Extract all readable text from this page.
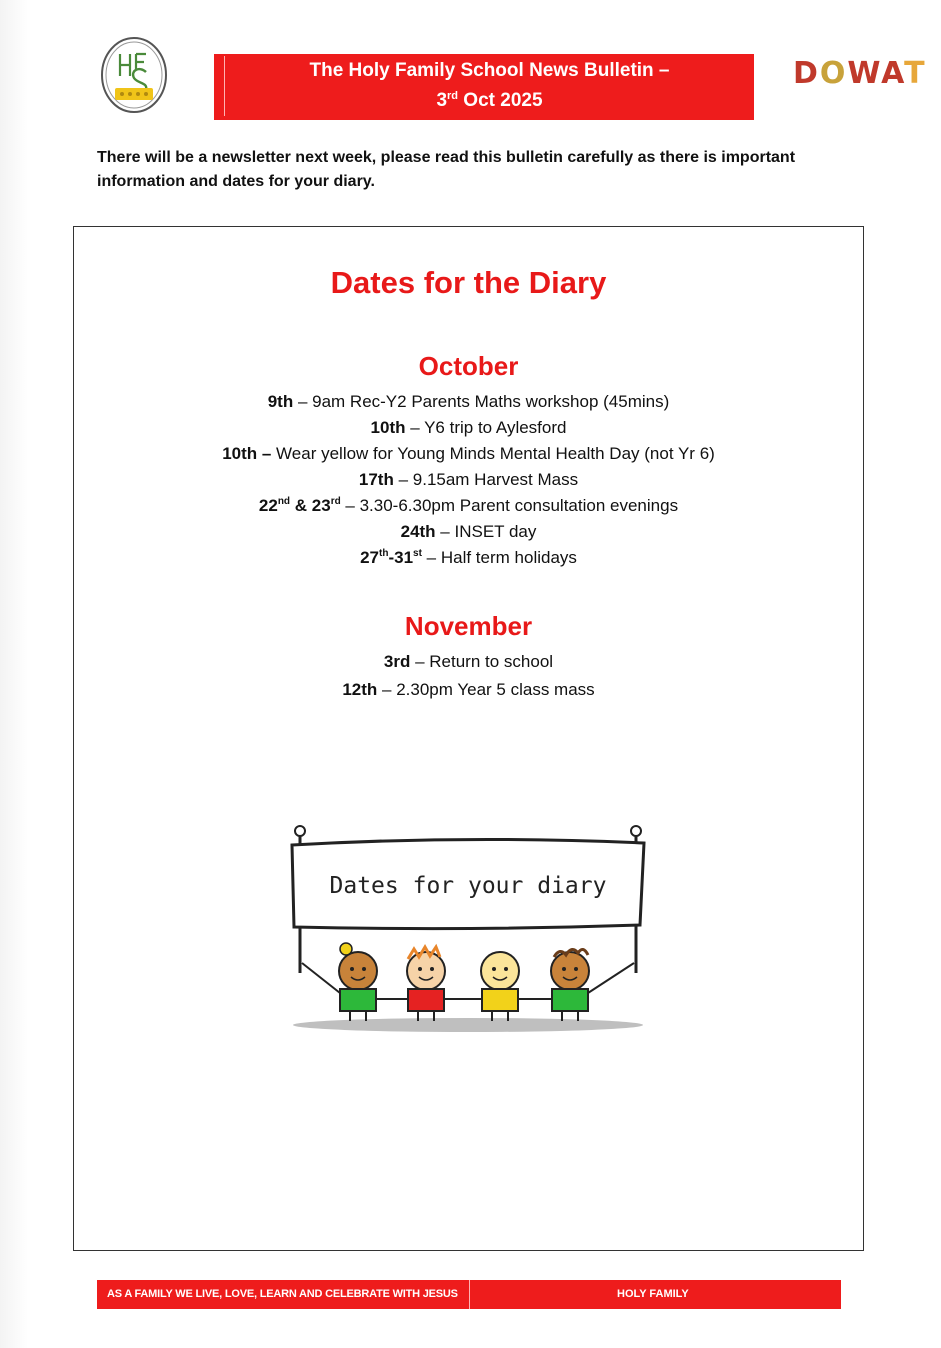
The Holy Family School News Bulletin –
3rd Oct 2025
DOWAT
There will be a newsletter next week, please read this bulletin carefully as there is important information and dates for your diary.
Dates for the Diary
October
9th – 9am Rec-Y2 Parents Maths workshop (45mins)
10th – Y6 trip to Aylesford
10th – Wear yellow for Young Minds Mental Health Day (not Yr 6)
17th – 9.15am Harvest Mass
22nd & 23rd – 3.30-6.30pm Parent consultation evenings
24th – INSET day
27th-31st – Half term holidays
November
3rd – Return to school
12th – 2.30pm Year 5 class mass
Dates for your diary
AS A FAMILY WE LIVE, LOVE, LEARN AND CELEBRATE WITH JESUS	HOLY FAMILY
